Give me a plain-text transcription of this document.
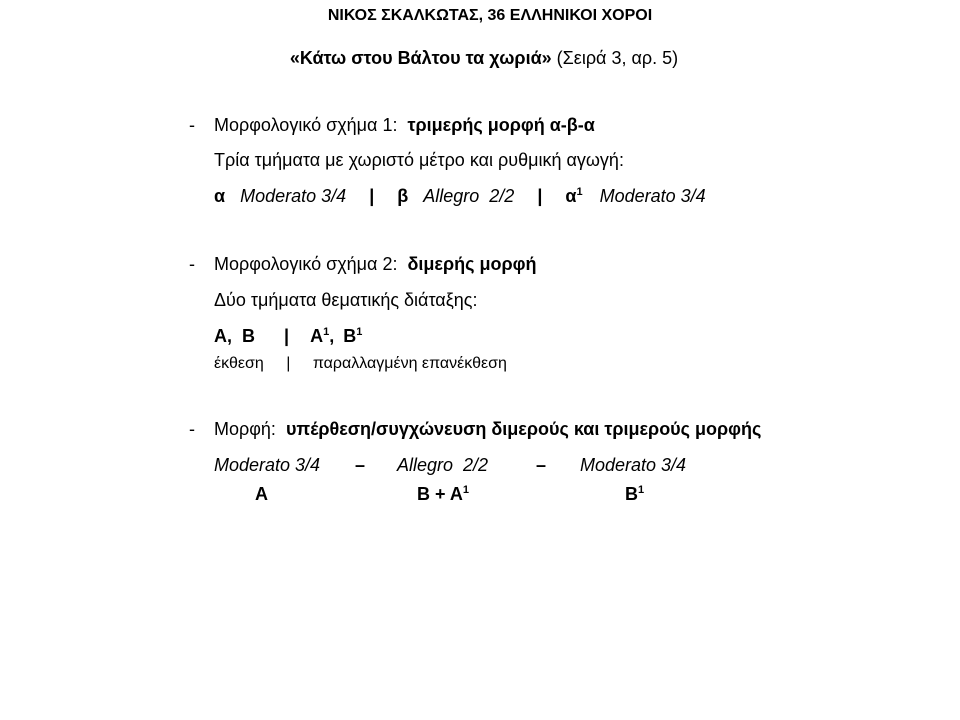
ΝΙΚΟΣ ΣΚΑΛΚΩΤΑΣ, 36 ΕΛΛΗΝΙΚΟΙ ΧΟΡΟΙ
«Κάτω στου Βάλτου τα χωριά» (Σειρά 3, αρ. 5)
- Μορφολογικό σχήμα 1: τριμερής μορφή α-β-α
Τρία τμήματα με χωριστό μέτρο και ρυθμική αγωγή:
α Moderato 3/4 | β Allegro  2/2 | $\alpha^1$ Moderato 3/4
- Μορφολογικό σχήμα 2: διμερής μορφή
Δύο τμήματα θεματικής διάταξης:
Α,  Β | $A^1$, $B^1$
έκθεση | παραλλαγμένη επανέκθεση
- Μορφή: υπέρθεση/συγχώνευση διμερούς και τριμερούς μορφής
Moderato 3/4 – Allegro  2/2	– Moderato 3/4
Α	$B + A^1$	$B^1$
